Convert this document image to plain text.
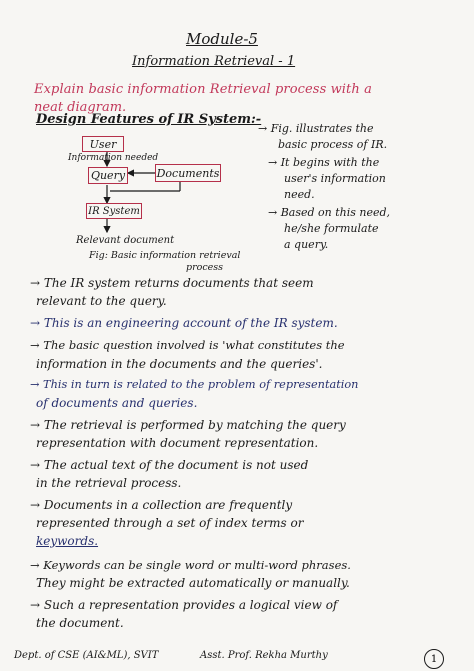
Module-5
Information Retrieval - 1
Explain basic information Retrieval process with a
neat diagram.
Design Features of IR System:-
User
Information needed
Query	Documents
IR System
Relevant document
Fig: Basic information retrieval
process
→ Fig. illustrates the
basic process of IR.
→ It begins with the
user's information
need.
→ Based on this need,
he/she formulate
a query.
→ The IR system returns documents that seem
relevant to the query.
→ This is an engineering account of the IR system.
→ The basic question involved is 'what constitutes the
information in the documents and the queries'.
→ This in turn is related to the problem of representation
of documents and queries.
→ The retrieval is performed by matching the query
representation with document representation.
→ The actual text of the document is not used
in the retrieval process.
→ Documents in a collection are frequently
represented through a set of index terms or
keywords.
→ Keywords can be single word or multi-word phrases.
They might be extracted automatically or manually.
→ Such a representation provides a logical view of
the document.
Dept. of CSE (AI&ML), SVIT	Asst. Prof. Rekha Murthy	1
